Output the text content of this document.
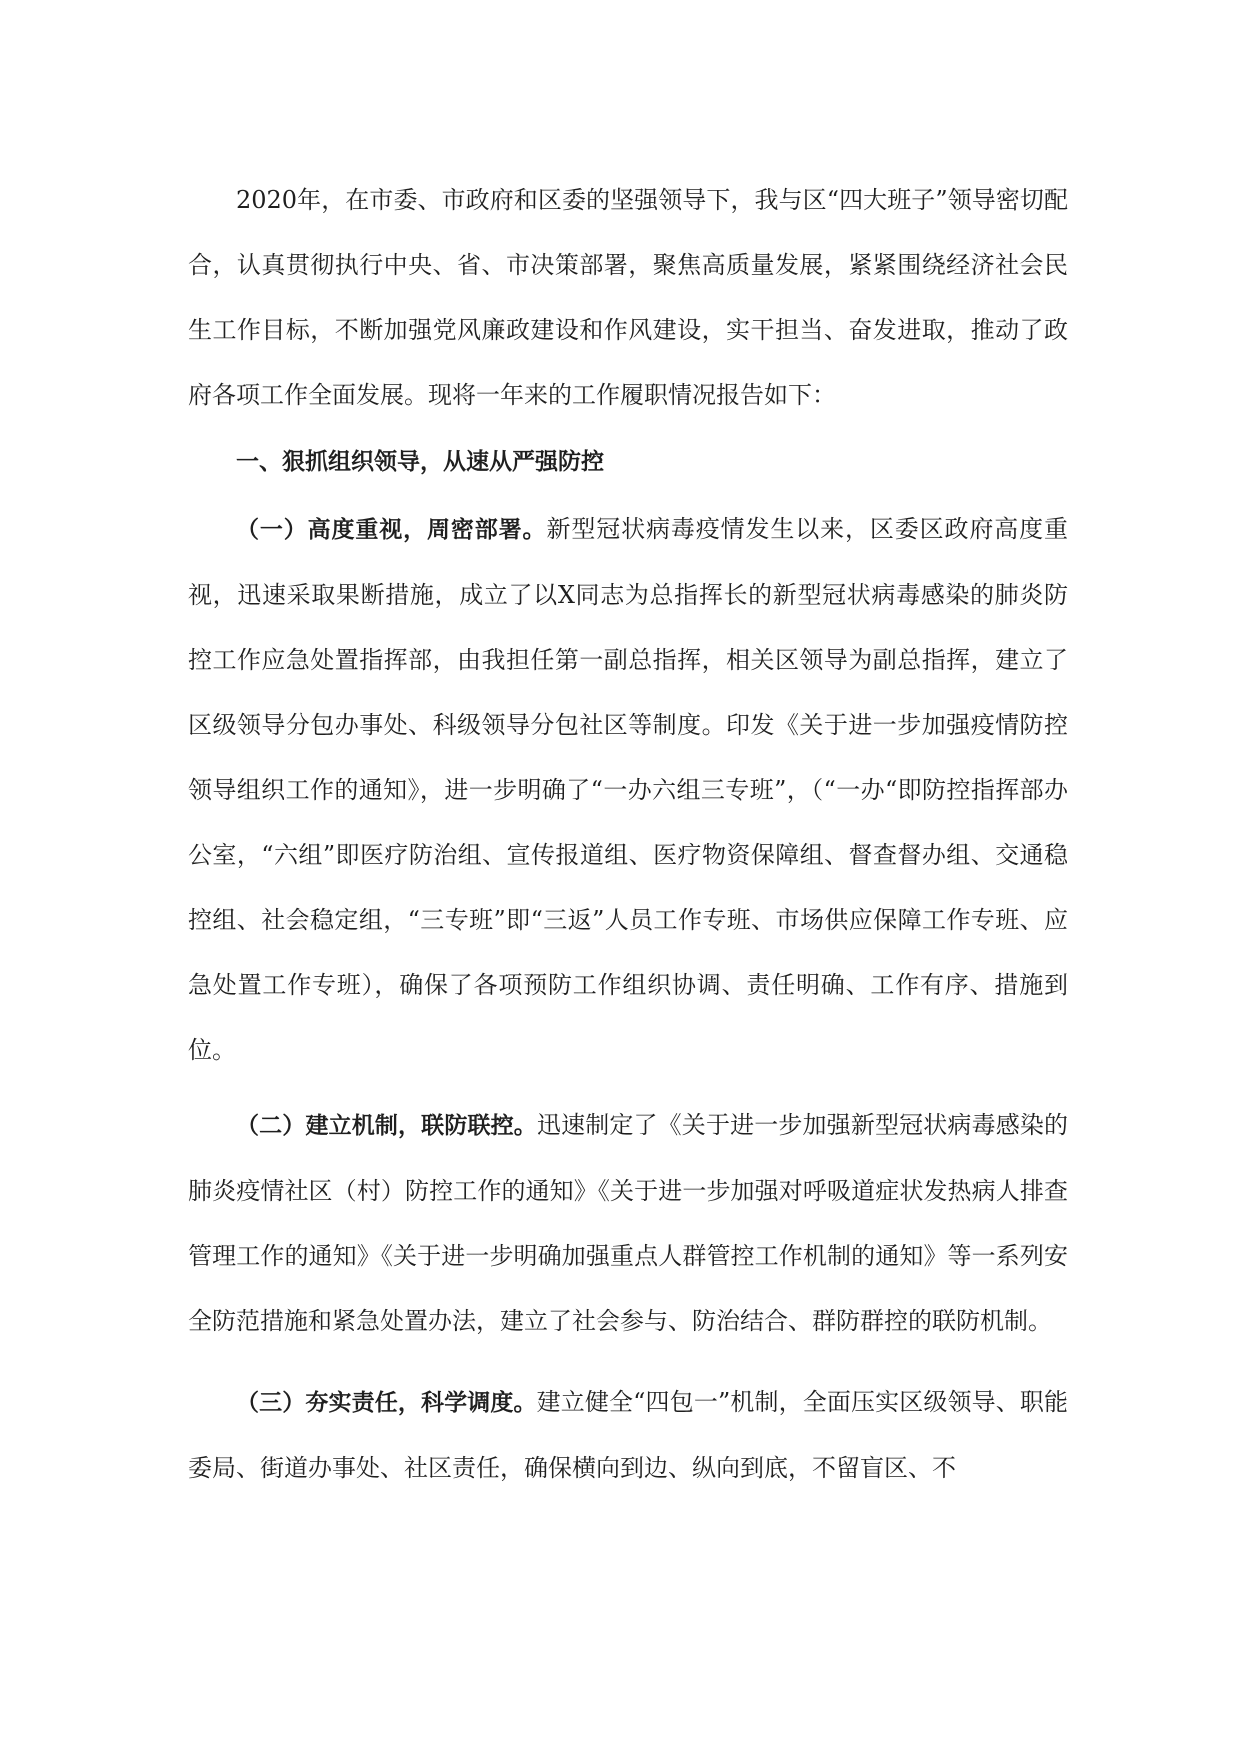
2020年，在市委、市政府和区委的坚强领导下，我与区“四大班子”领导密切配合，认真贯彻执行中央、省、市决策部署，聚焦高质量发展，紧紧围绕经济社会民生工作目标，不断加强党风廉政建设和作风建设，实干担当、奋发进取，推动了政府各项工作全面发展。现将一年来的工作履职情况报告如下：

一、狠抓组织领导，从速从严强防控

（一）高度重视，周密部署。新型冠状病毒疫情发生以来，区委区政府高度重视，迅速采取果断措施，成立了以X同志为总指挥长的新型冠状病毒感染的肺炎防控工作应急处置指挥部，由我担任第一副总指挥，相关区领导为副总指挥，建立了区级领导分包办事处、科级领导分包社区等制度。印发《关于进一步加强疫情防控领导组织工作的通知》，进一步明确了“一办六组三专班”，（“一办“即防控指挥部办公室，“六组”即医疗防治组、宣传报道组、医疗物资保障组、督查督办组、交通稳控组、社会稳定组，“三专班”即“三返”人员工作专班、市场供应保障工作专班、应急处置工作专班），确保了各项预防工作组织协调、责任明确、工作有序、措施到位。

（二）建立机制，联防联控。迅速制定了《关于进一步加强新型冠状病毒感染的肺炎疫情社区（村）防控工作的通知》《关于进一步加强对呼吸道症状发热病人排查管理工作的通知》《关于进一步明确加强重点人群管控工作机制的通知》等一系列安全防范措施和紧急处置办法，建立了社会参与、防治结合、群防群控的联防机制。

（三）夯实责任，科学调度。建立健全“四包一”机制，全面压实区级领导、职能委局、街道办事处、社区责任，确保横向到边、纵向到底，不留盲区、不
